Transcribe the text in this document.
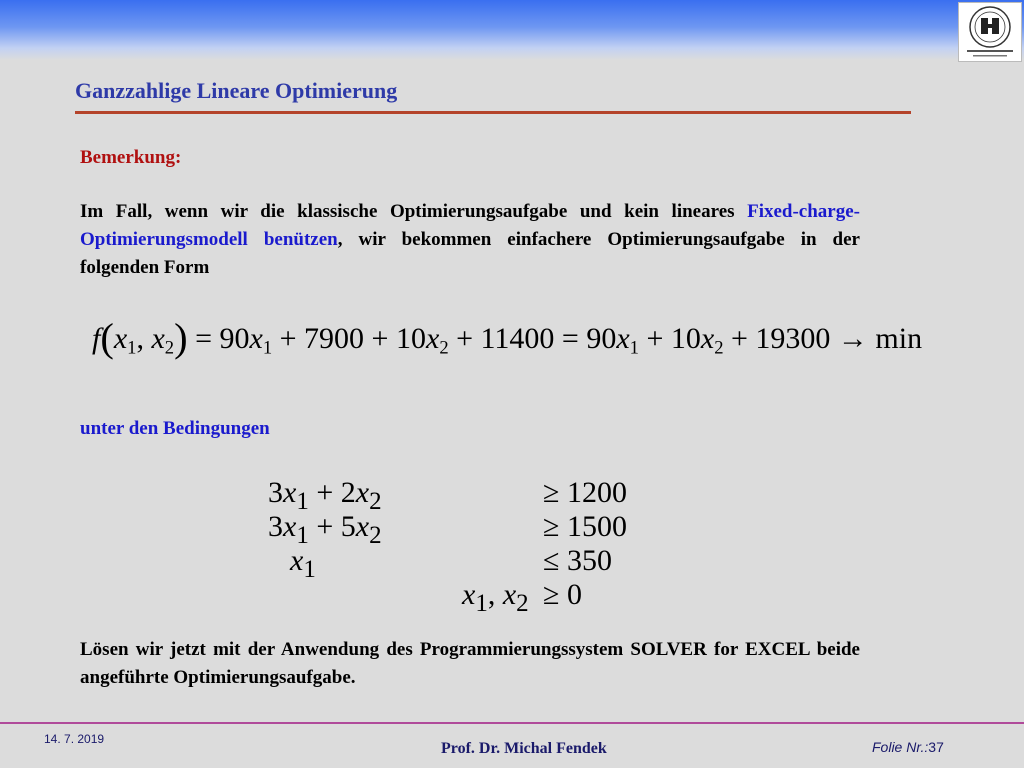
Ganzzahlige Lineare Optimierung
Bemerkung:
Im Fall, wenn wir die klassische Optimierungsaufgabe und kein lineares Fixed-charge-Optimierungsmodell benützen, wir bekommen einfachere Optimierungsaufgabe in der folgenden Form
$f(x_1$, $x_2) = 90x_1 + 7900 + 10x_2 + 11400 = 90x_1 + 10x_2 + 19300 \to \min$
unter den Bedingungen
$3x_1 + 2x_2$	≥ 1200
$3x_1 + 5x_2$	≥ 1500
$x_1$	≤ 350
$x_1$, $x_2 \ge 0$
Lösen wir jetzt mit der Anwendung des Programmierungssystem SOLVER for EXCEL beide angeführte Optimierungsaufgabe.
14. 7. 2019
Prof. Dr. Michal Fendek	Folie Nr.:37
